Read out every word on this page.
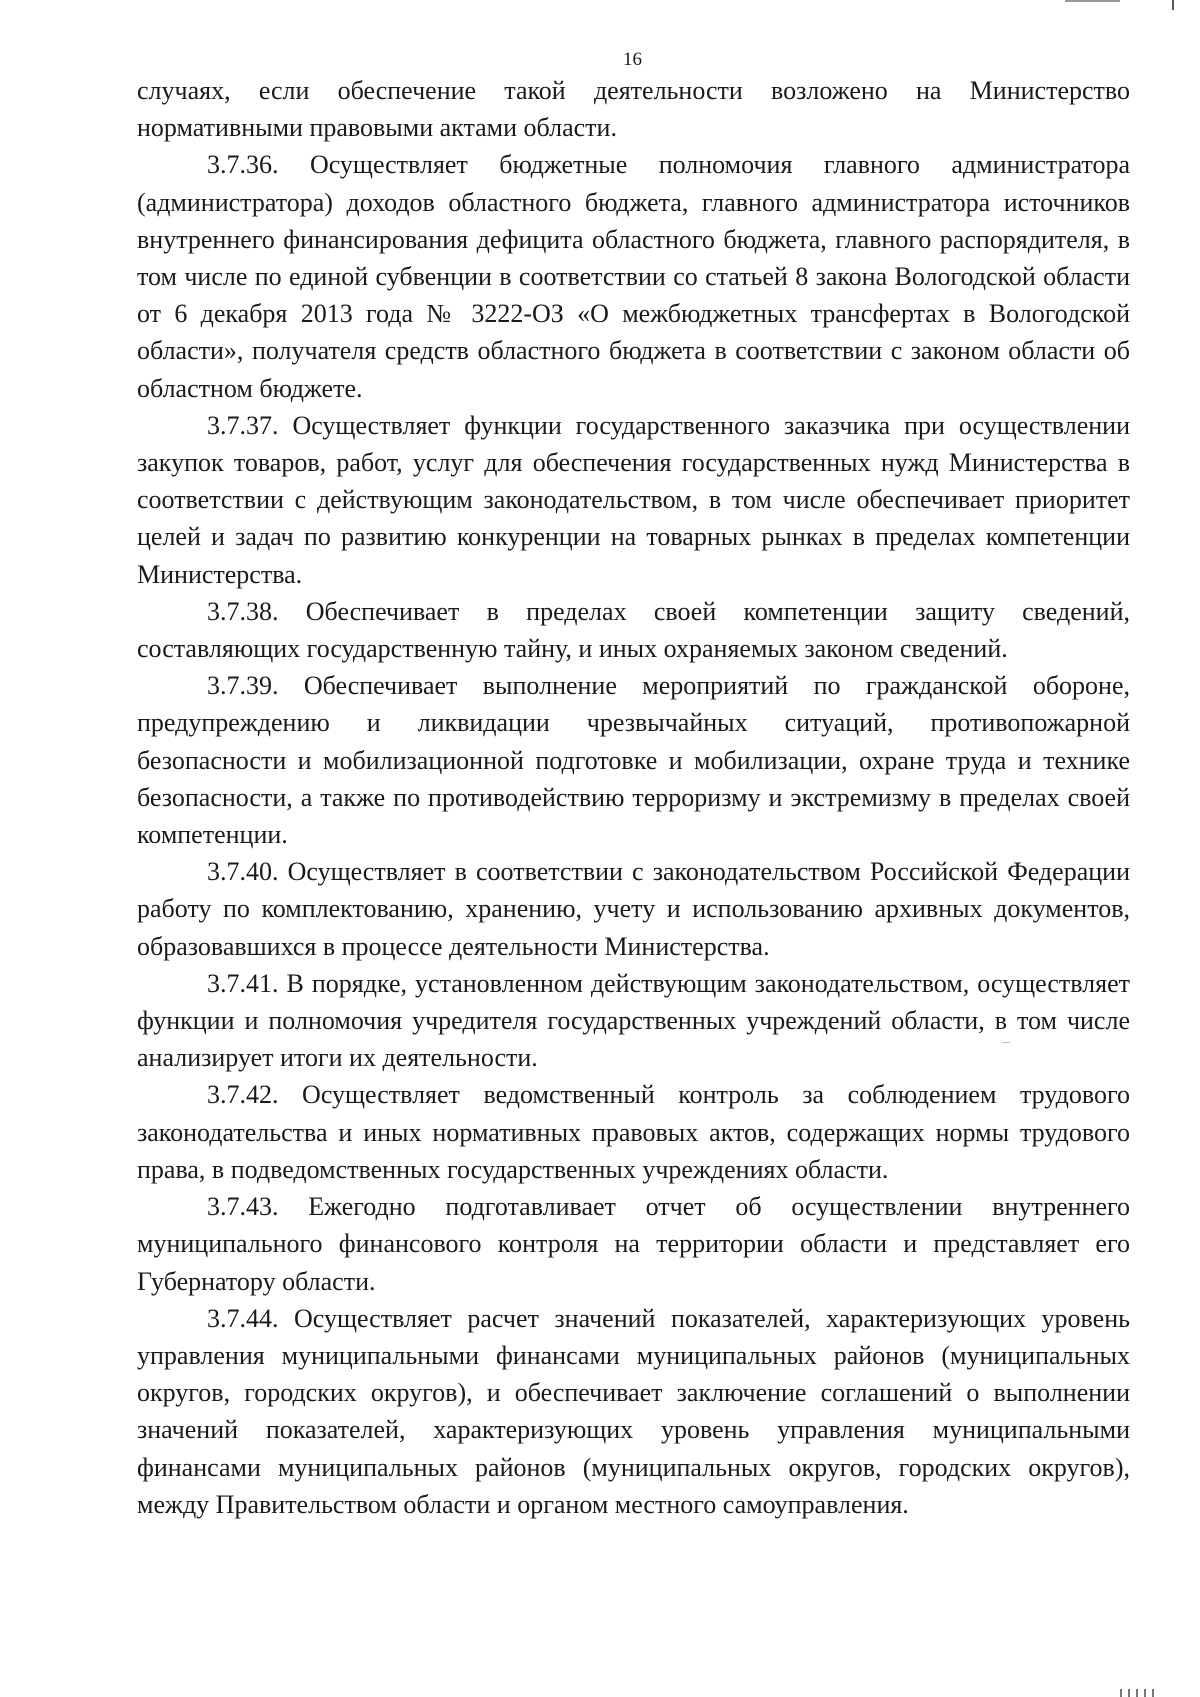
16

случаях, если обеспечение такой деятельности возложено на Министерство нормативными правовыми актами области.

3.7.36. Осуществляет бюджетные полномочия главного администратора (администратора) доходов областного бюджета, главного администратора источников внутреннего финансирования дефицита областного бюджета, главного распорядителя, в том числе по единой субвенции в соответствии со статьей 8 закона Вологодской области от 6 декабря 2013 года № 3222-ОЗ «О межбюджетных трансфертах в Вологодской области», получателя средств областного бюджета в соответствии с законом области об областном бюджете.

3.7.37. Осуществляет функции государственного заказчика при осуществлении закупок товаров, работ, услуг для обеспечения государственных нужд Министерства в соответствии с действующим законодательством, в том числе обеспечивает приоритет целей и задач по развитию конкуренции на товарных рынках в пределах компетенции Министерства.

3.7.38. Обеспечивает в пределах своей компетенции защиту сведений, составляющих государственную тайну, и иных охраняемых законом сведений.

3.7.39. Обеспечивает выполнение мероприятий по гражданской обороне, предупреждению и ликвидации чрезвычайных ситуаций, противопожарной безопасности и мобилизационной подготовке и мобилизации, охране труда и технике безопасности, а также по противодействию терроризму и экстремизму в пределах своей компетенции.

3.7.40. Осуществляет в соответствии с законодательством Российской Федерации работу по комплектованию, хранению, учету и использованию архивных документов, образовавшихся в процессе деятельности Министерства.

3.7.41. В порядке, установленном действующим законодательством, осуществляет функции и полномочия учредителя государственных учреждений области, в том числе анализирует итоги их деятельности.

3.7.42. Осуществляет ведомственный контроль за соблюдением трудового законодательства и иных нормативных правовых актов, содержащих нормы трудового права, в подведомственных государственных учреждениях области.

3.7.43. Ежегодно подготавливает отчет об осуществлении внутреннего муниципального финансового контроля на территории области и представляет его Губернатору области.

3.7.44. Осуществляет расчет значений показателей, характеризующих уровень управления муниципальными финансами муниципальных районов (муниципальных округов, городских округов), и обеспечивает заключение соглашений о выполнении значений показателей, характеризующих уровень управления муниципальными финансами муниципальных районов (муниципальных округов, городских округов), между Правительством области и органом местного самоуправления.
